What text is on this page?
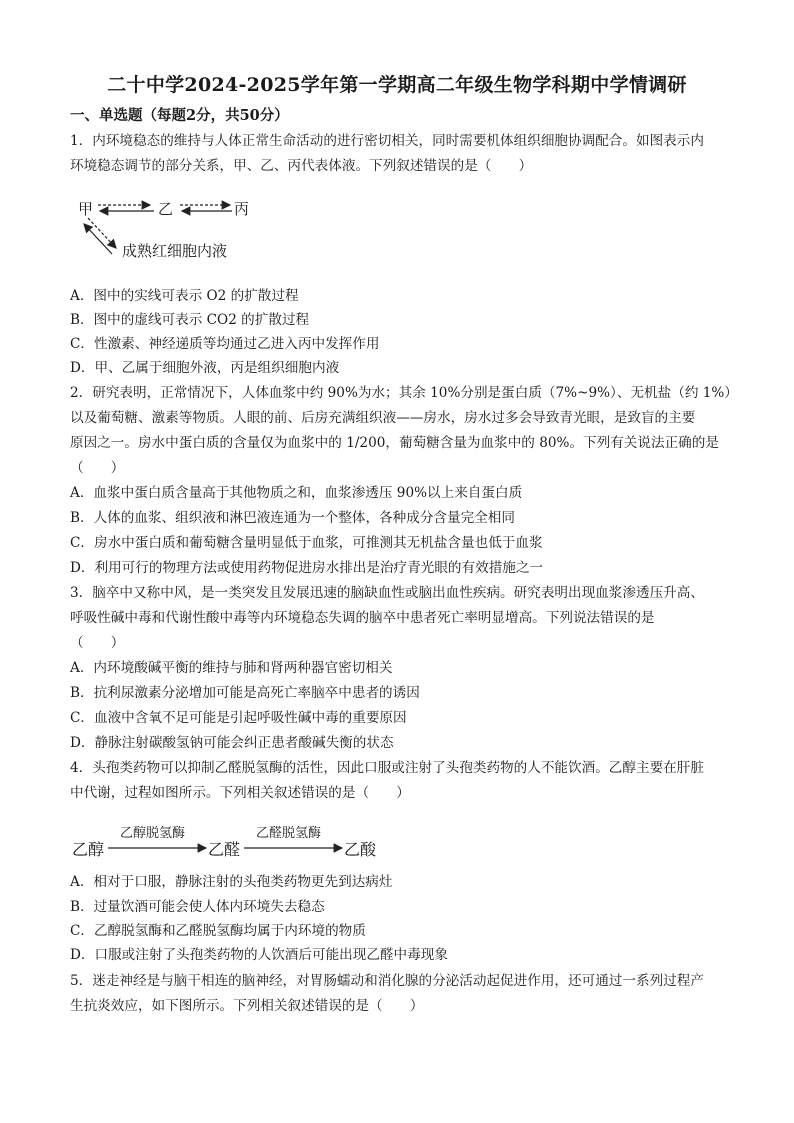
二十中学2024-2025学年第一学期高二年级生物学科期中学情调研
一、单选题（每题2分，共50分）
1．内环境稳态的维持与人体正常生命活动的进行密切相关，同时需要机体组织细胞协调配合。如图表示内
环境稳态调节的部分关系，甲、乙、丙代表体液。下列叙述错误的是（　　）
甲	乙	丙
成熟红细胞内液
A．图中的实线可表示 O2 的扩散过程
B．图中的虚线可表示 CO2 的扩散过程
C．性激素、神经递质等均通过乙进入丙中发挥作用
D．甲、乙属于细胞外液，丙是组织细胞内液
2．研究表明，正常情况下，人体血浆中约 90%为水；其余 10%分别是蛋白质（7%~9%）、无机盐（约 1%）
以及葡萄糖、激素等物质。人眼的前、后房充满组织液——房水，房水过多会导致青光眼，是致盲的主要
原因之一。房水中蛋白质的含量仅为血浆中的 1/200，葡萄糖含量为血浆中的 80%。下列有关说法正确的是
（　　）
A．血浆中蛋白质含量高于其他物质之和，血浆渗透压 90%以上来自蛋白质
B．人体的血浆、组织液和淋巴液连通为一个整体，各种成分含量完全相同
C．房水中蛋白质和葡萄糖含量明显低于血浆，可推测其无机盐含量也低于血浆
D．利用可行的物理方法或使用药物促进房水排出是治疗青光眼的有效措施之一
3．脑卒中又称中风，是一类突发且发展迅速的脑缺血性或脑出血性疾病。研究表明出现血浆渗透压升高、
呼吸性碱中毒和代谢性酸中毒等内环境稳态失调的脑卒中患者死亡率明显增高。下列说法错误的是
（　　）
A．内环境酸碱平衡的维持与肺和肾两种器官密切相关
B．抗利尿激素分泌增加可能是高死亡率脑卒中患者的诱因
C．血液中含氧不足可能是引起呼吸性碱中毒的重要原因
D．静脉注射碳酸氢钠可能会纠正患者酸碱失衡的状态
4．头孢类药物可以抑制乙醛脱氢酶的活性，因此口服或注射了头孢类药物的人不能饮酒。乙醇主要在肝脏
中代谢，过程如图所示。下列相关叙述错误的是（　　）
乙醇	乙醛	乙酸
乙醇脱氢酶	乙醛脱氢酶
A．相对于口服，静脉注射的头孢类药物更先到达病灶
B．过量饮酒可能会使人体内环境失去稳态
C．乙醇脱氢酶和乙醛脱氢酶均属于内环境的物质
D．口服或注射了头孢类药物的人饮酒后可能出现乙醛中毒现象
5．迷走神经是与脑干相连的脑神经，对胃肠蠕动和消化腺的分泌活动起促进作用，还可通过一系列过程产
生抗炎效应，如下图所示。下列相关叙述错误的是（　　）
